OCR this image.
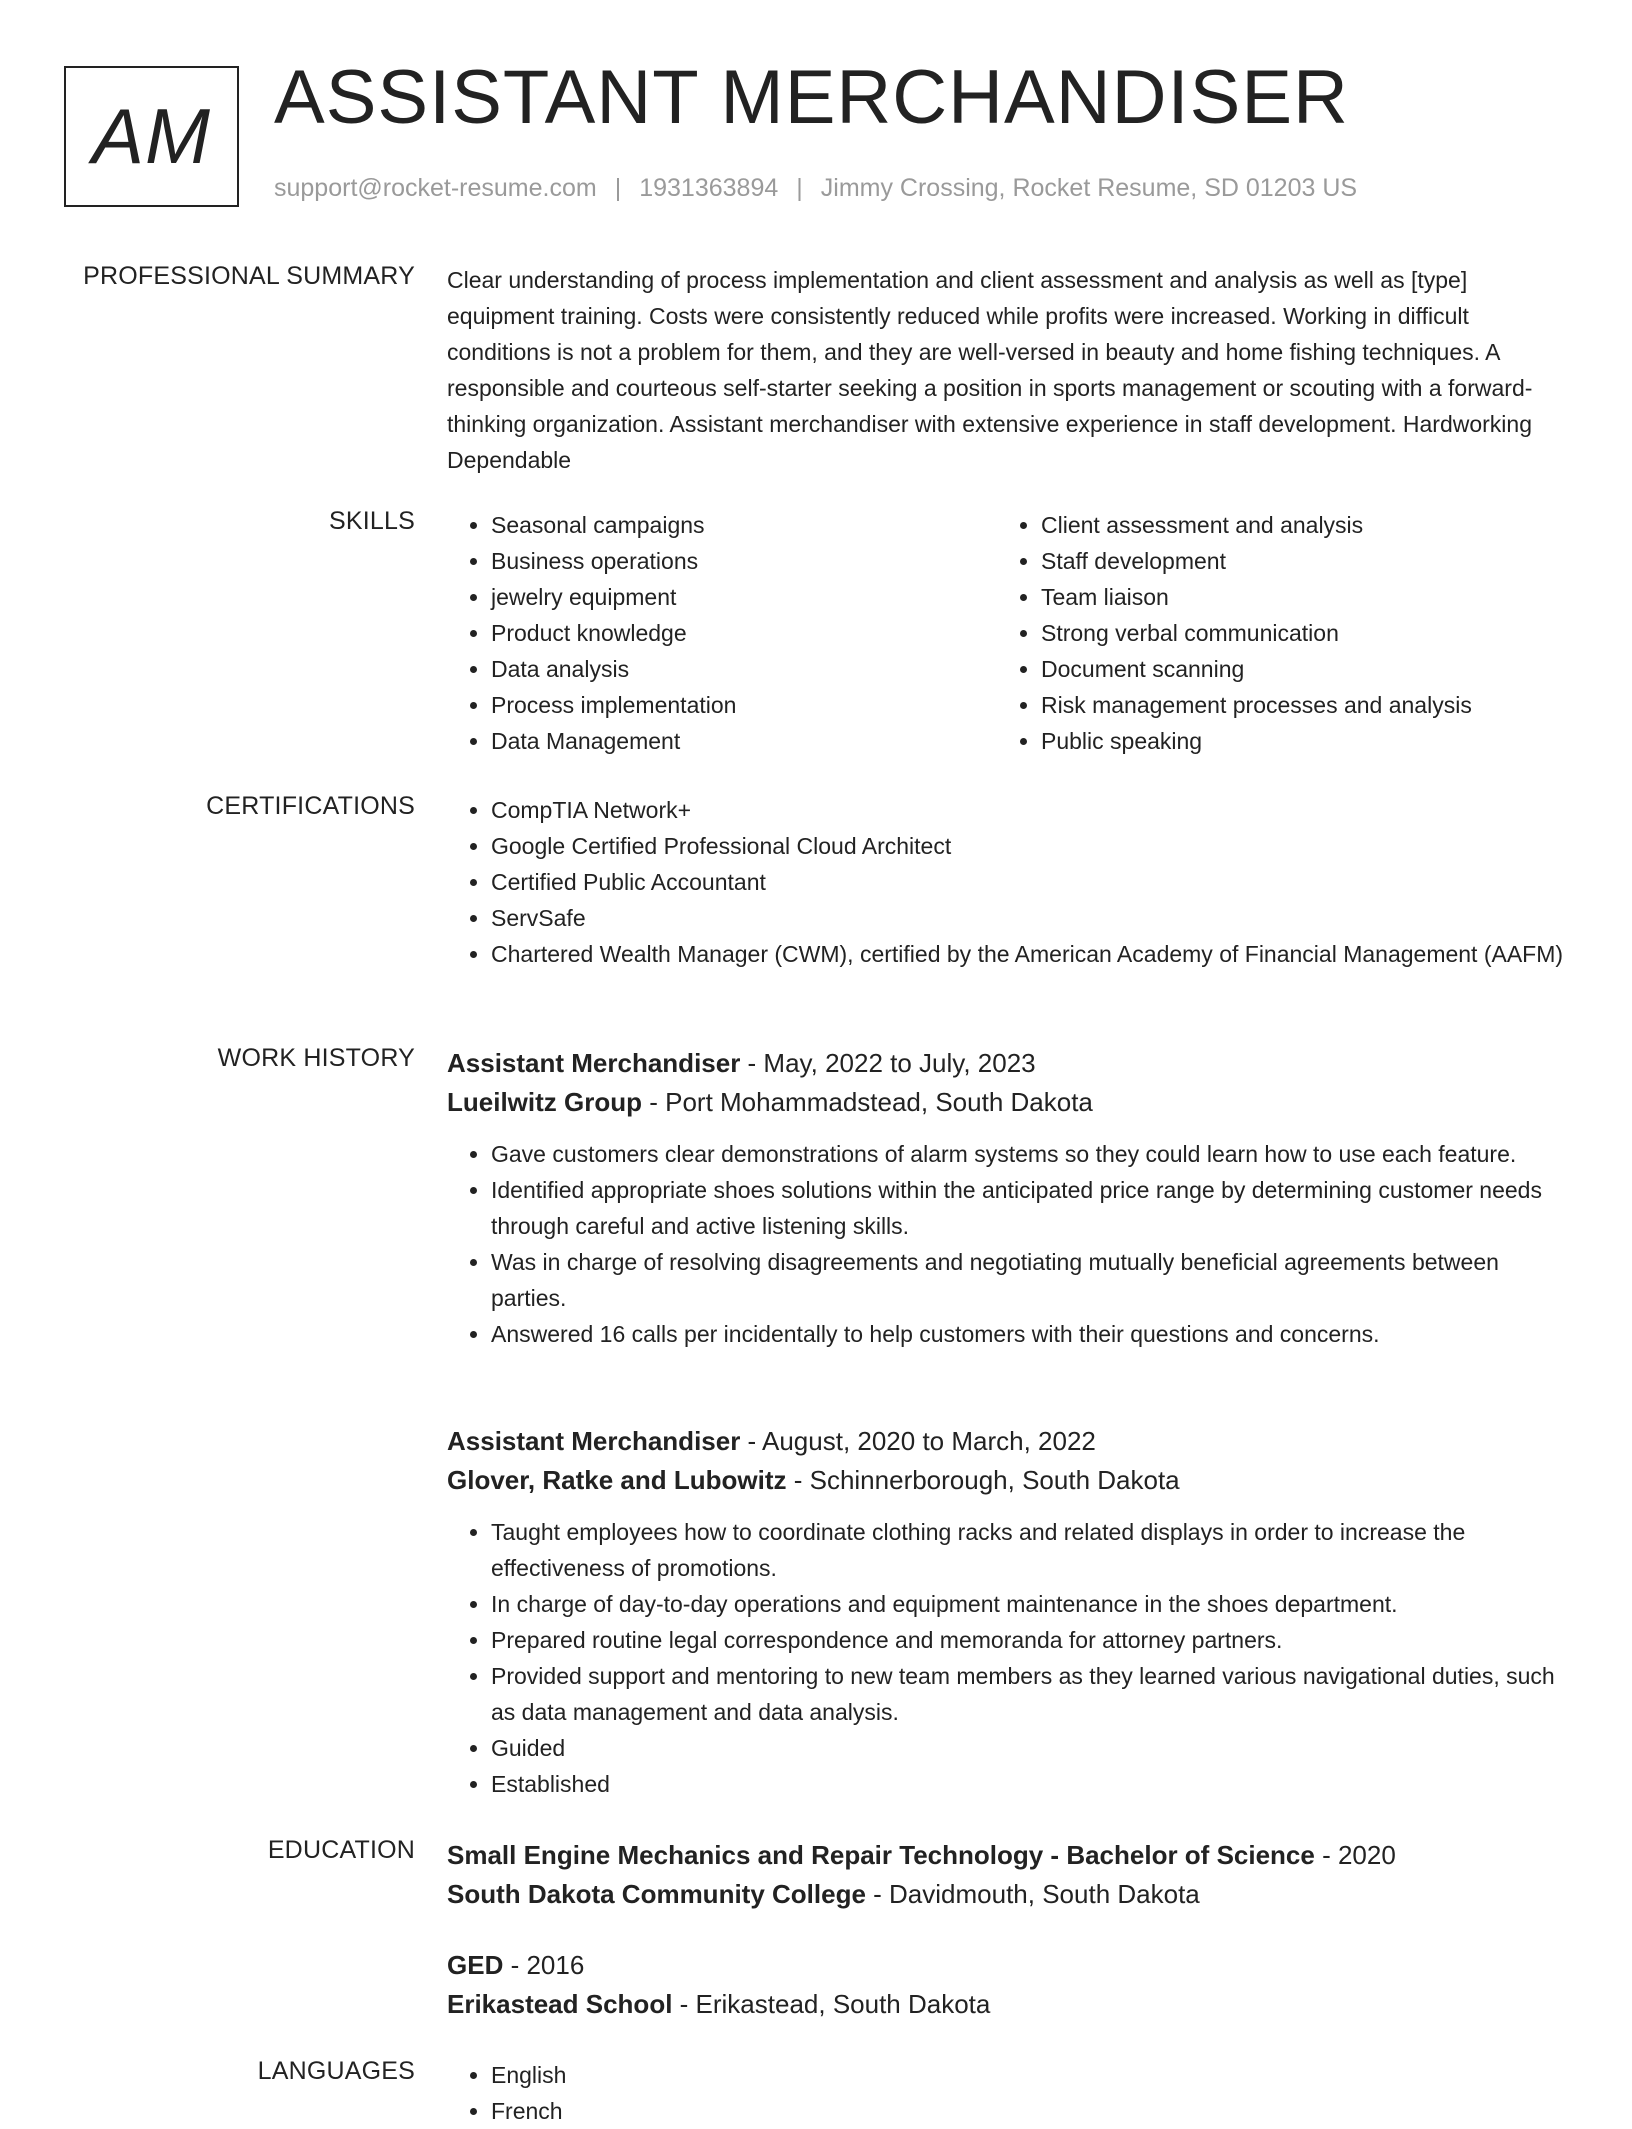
AM ASSISTANT MERCHANDISER
support@rocket-resume.com | 1931363894 | Jimmy Crossing, Rocket Resume, SD 01203 US
PROFESSIONAL SUMMARY Clear understanding of process implementation and client assessment and analysis as well as [type] equipment training. Costs were consistently reduced while profits were increased. Working in difficult conditions is not a problem for them, and they are well-versed in beauty and home fishing techniques. A responsible and courteous self-starter seeking a position in sports management or scouting with a forward-thinking organization. Assistant merchandiser with extensive experience in staff development. Hardworking Dependable

SKILLS	• Seasonal campaigns
• Business operations
• jewelry equipment
• Product knowledge
• Data analysis
• Process implementation
• Data Management
• Client assessment and analysis
• Staff development
• Team liaison
• Strong verbal communication
• Document scanning
• Risk management processes and analysis
• Public speaking
CERTIFICATIONS	• CompTIA Network+
• Google Certified Professional Cloud Architect
• Certified Public Accountant
• ServSafe
• Chartered Wealth Manager (CWM), certified by the American Academy of Financial Management (AAFM)
WORK HISTORY Assistant Merchandiser - May, 2022 to July, 2023
Lueilwitz Group - Port Mohammadstead, South Dakota
• Gave customers clear demonstrations of alarm systems so they could learn how to use each feature.
• Identified appropriate shoes solutions within the anticipated price range by determining customer needs through careful and active listening skills.
• Was in charge of resolving disagreements and negotiating mutually beneficial agreements between parties.
• Answered 16 calls per incidentally to help customers with their questions and concerns.
Assistant Merchandiser - August, 2020 to March, 2022
Glover, Ratke and Lubowitz - Schinnerborough, South Dakota
• Taught employees how to coordinate clothing racks and related displays in order to increase the effectiveness of promotions.
• In charge of day-to-day operations and equipment maintenance in the shoes department.
• Prepared routine legal correspondence and memoranda for attorney partners.
• Provided support and mentoring to new team members as they learned various navigational duties, such as data management and data analysis.
• Guided
• Established
EDUCATION Small Engine Mechanics and Repair Technology - Bachelor of Science - 2020
South Dakota Community College - Davidmouth, South Dakota
GED - 2016
Erikastead School - Erikastead, South Dakota
LANGUAGES	• English
• French
